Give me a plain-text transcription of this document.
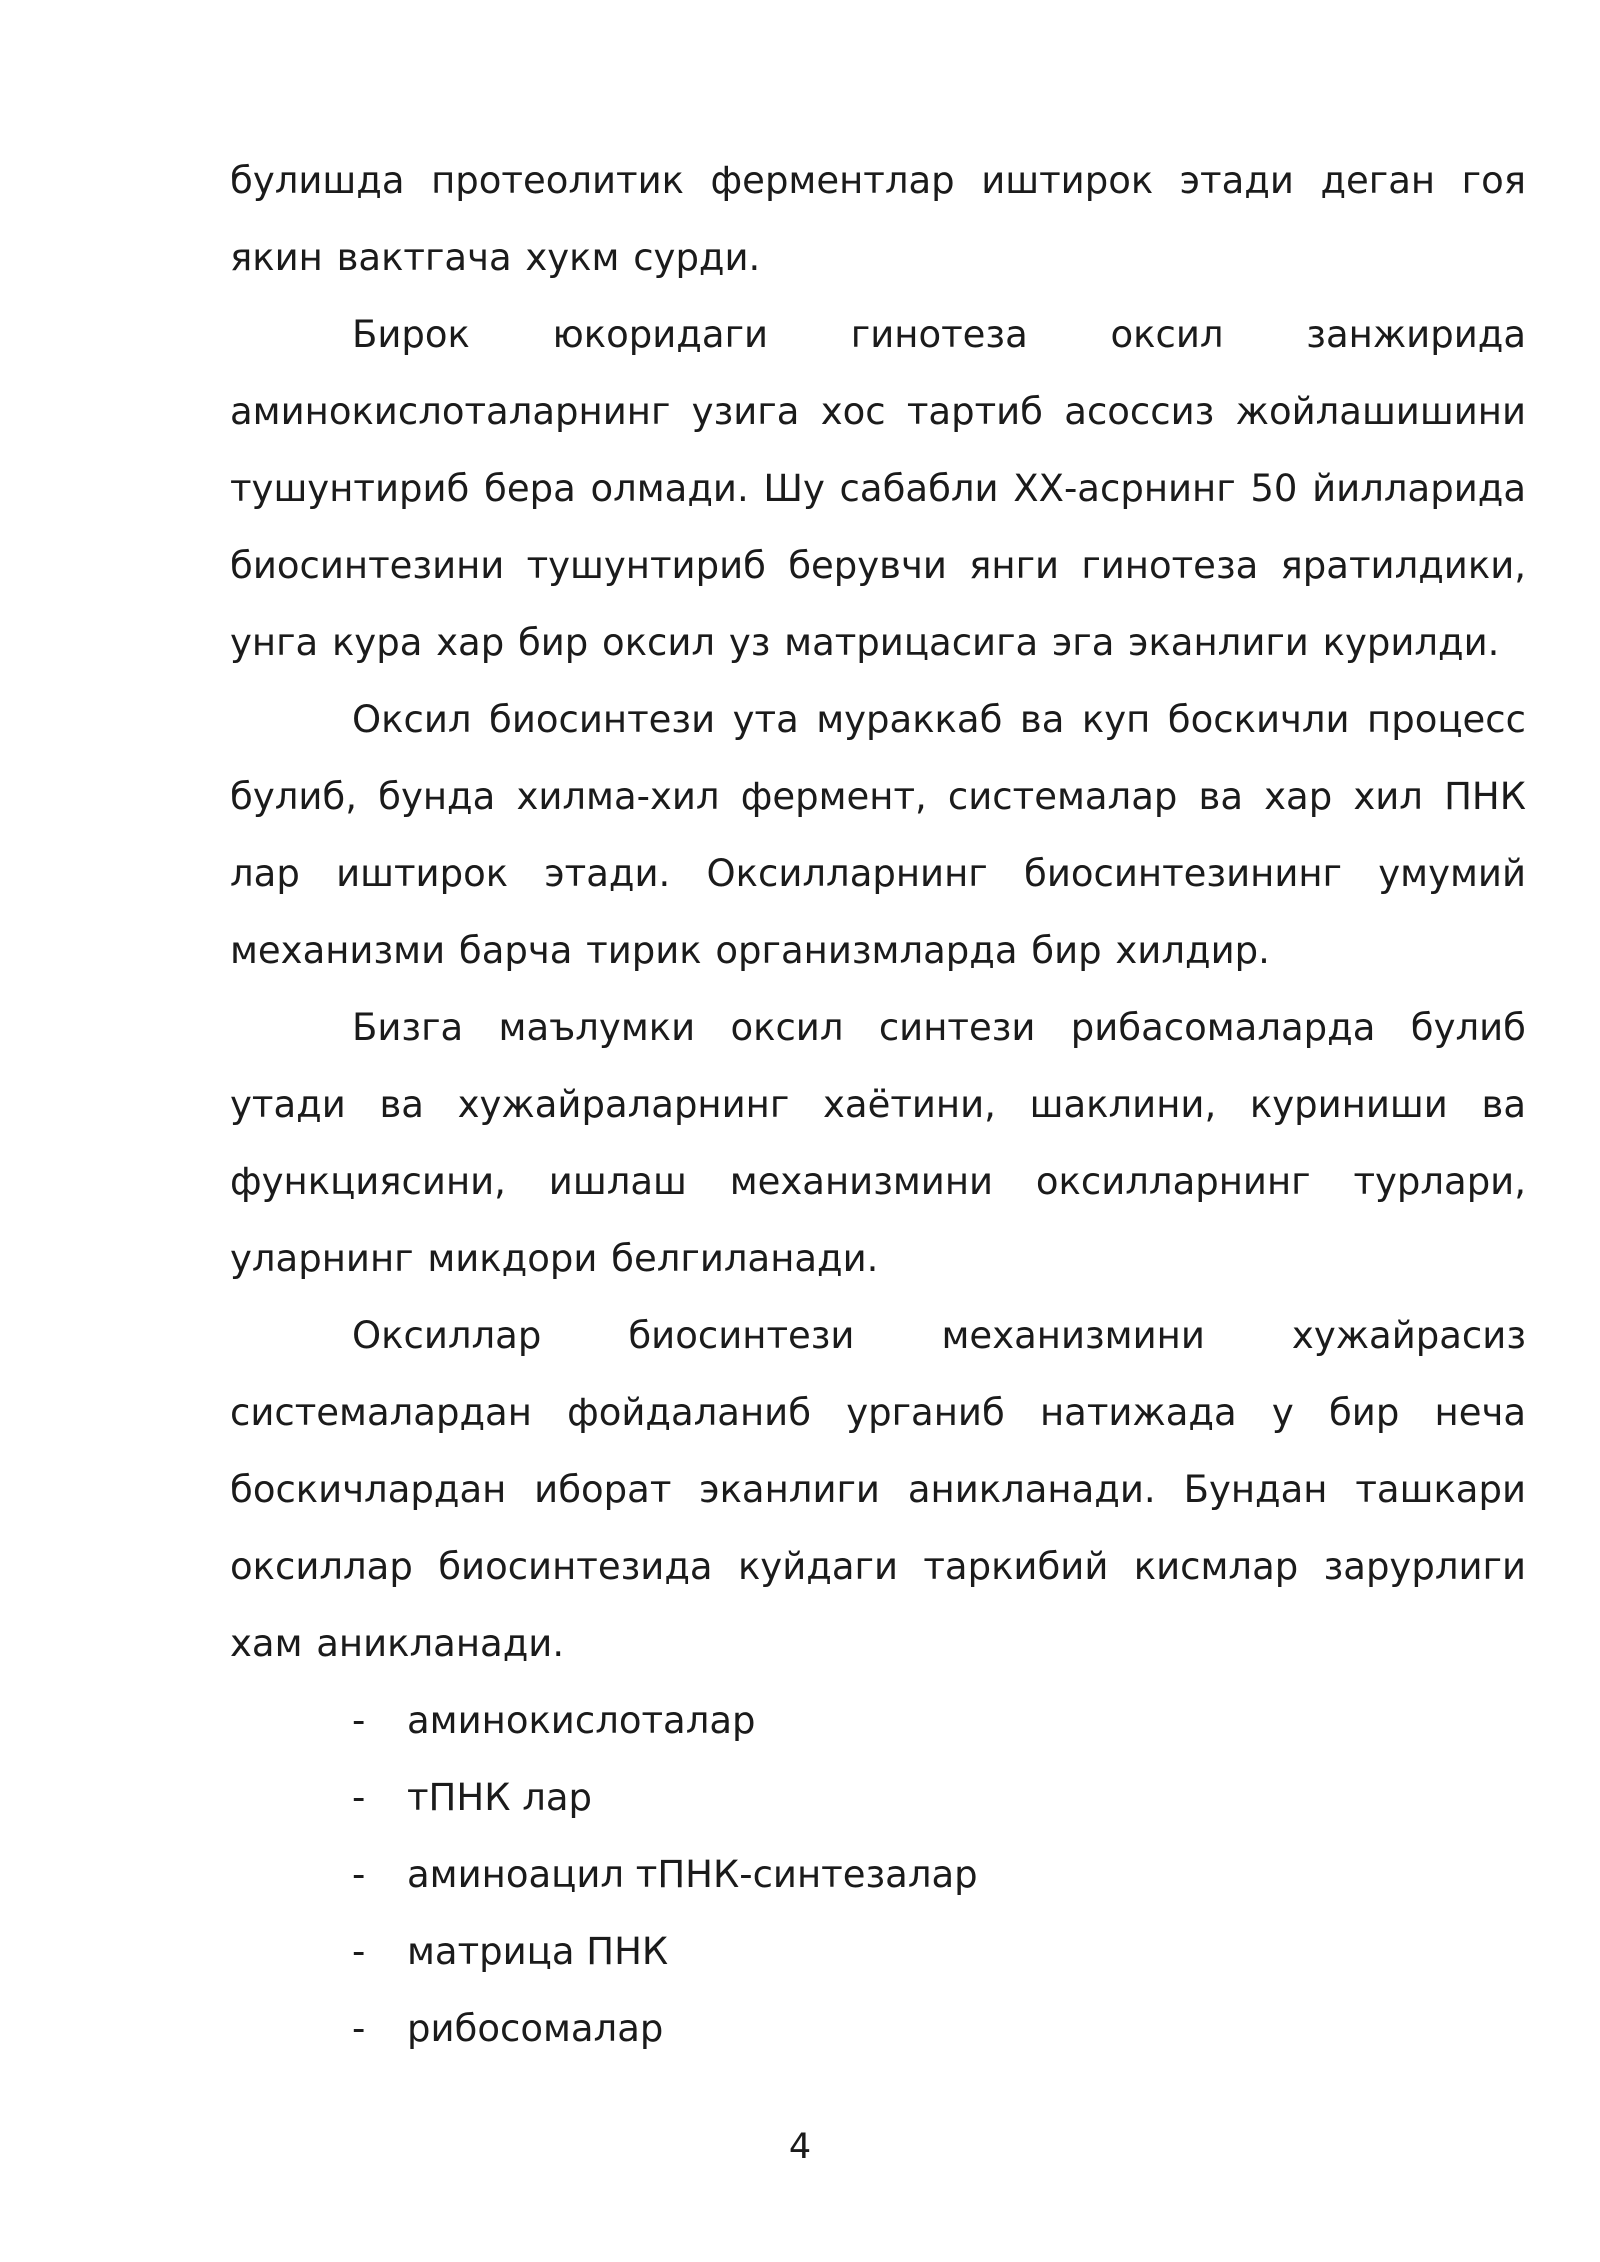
булишда протеолитик ферментлар иштирок этади деган гоя якин вактгача хукм сурди.

Бирок юкоридаги гинотеза оксил занжирида аминокислоталарнинг узига хос тартиб асоссиз жойлашишини тушунтириб бера олмади. Шу сабабли ХХ-асрнинг 50 йилларида биосинтезини тушунтириб берувчи янги гинотеза яратилдики, унга кура хар бир оксил уз матрицасига эга эканлиги курилди.

Оксил биосинтези ута мураккаб ва куп боскичли процесс булиб, бунда хилма-хил фермент, системалар ва хар хил ПНК лар иштирок этади. Оксилларнинг биосинтезининг умумий механизми барча тирик организмларда бир хилдир.

Бизга маълумки оксил синтези рибасомаларда булиб утади ва хужайраларнинг хаётини, шаклини, куриниши ва функциясини, ишлаш механизмини оксилларнинг турлари, уларнинг микдори белгиланади.

Оксиллар биосинтези механизмини хужайрасиз системалардан фойдаланиб урганиб натижада у бир неча боскичлардан иборат эканлиги аникланади. Бундан ташкари оксиллар биосинтезида куйдаги таркибий кисмлар зарурлиги хам аникланади.

- аминокислоталар
- тПНК лар
- аминоацил тПНК-синтезалар
- матрица ПНК
- рибосомалар
4
